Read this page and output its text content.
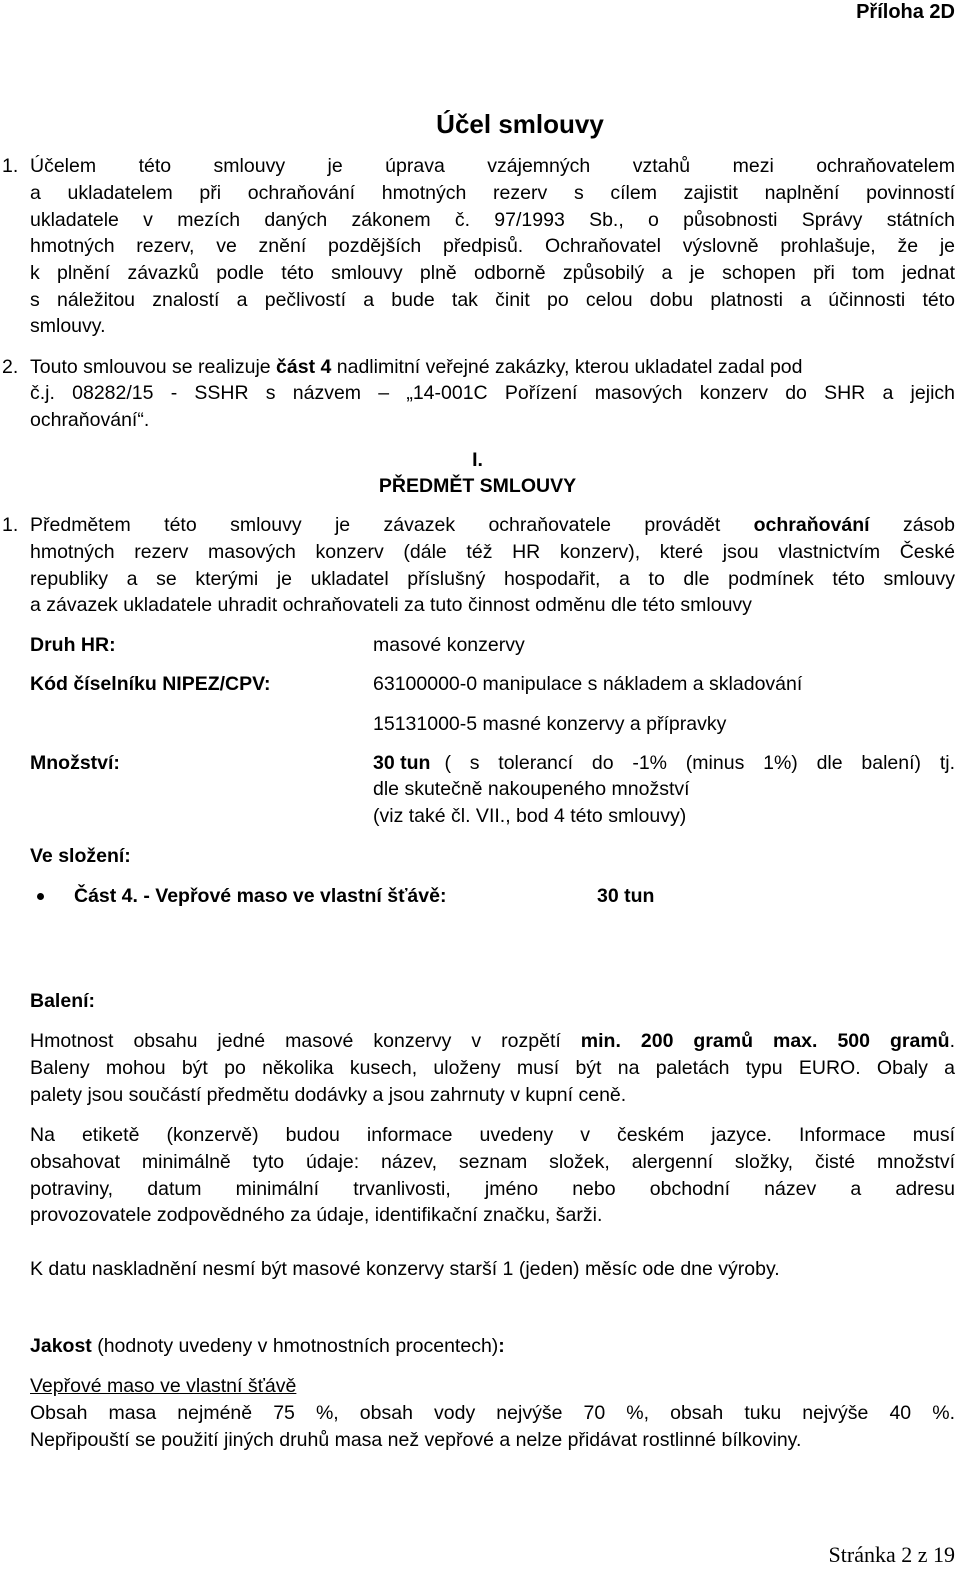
Příloha 2D
Účel smlouvy
1. Účelem této smlouvy je úprava vzájemných vztahů mezi ochraňovatelem
a ukladatelem při ochraňování hmotných rezerv s cílem zajistit naplnění povinností
ukladatele v mezích daných zákonem č. 97/1993 Sb., o působnosti Správy státních
hmotných rezerv, ve znění pozdějších předpisů. Ochraňovatel výslovně prohlašuje, že je
k plnění závazků podle této smlouvy plně odborně způsobilý a je schopen při tom jednat
s náležitou znalostí a pečlivostí a bude tak činit po celou dobu platnosti a účinnosti této
smlouvy.
2. Touto smlouvou se realizuje část 4 nadlimitní veřejné zakázky, kterou ukladatel zadal pod
č.j. 08282/15 - SSHR s názvem – „14-001C Pořízení masových konzerv do SHR a jejich
ochraňování“.
I.
PŘEDMĚT SMLOUVY
1. Předmětem této smlouvy je závazek ochraňovatele provádět ochraňování zásob
hmotných rezerv masových konzerv (dále též HR konzerv), které jsou vlastnictvím České
republiky a se kterými je ukladatel příslušný hospodařit, a to dle podmínek této smlouvy
a závazek ukladatele uhradit ochraňovateli za tuto činnost odměnu dle této smlouvy
Druh HR:	masové konzervy
Kód číselníku NIPEZ/CPV:	63100000-0 manipulace s nákladem a skladování
15131000-5 masné konzervy a přípravky
Množství:	30 tun ( s tolerancí do -1% (minus 1%) dle balení) tj.
dle skutečně nakoupeného množství
(viz také čl. VII., bod 4 této smlouvy)
Ve složení:
Část 4. - Vepřové maso ve vlastní šťávě:	30 tun
Balení:
Hmotnost obsahu jedné masové konzervy v rozpětí min. 200 gramů max. 500 gramů.
Baleny mohou být po několika kusech, uloženy musí být na paletách typu EURO. Obaly a
palety jsou součástí předmětu dodávky a jsou zahrnuty v kupní ceně.
Na etiketě (konzervě) budou informace uvedeny v českém jazyce. Informace musí
obsahovat minimálně tyto údaje: název, seznam složek, alergenní složky, čisté množství
potraviny, datum minimální trvanlivosti, jméno nebo obchodní název a adresu
provozovatele zodpovědného za údaje, identifikační značku, šarži.
K datu naskladnění nesmí být masové konzervy starší 1 (jeden) měsíc ode dne výroby.
Jakost (hodnoty uvedeny v hmotnostních procentech):
Vepřové maso ve vlastní šťávě
Obsah masa nejméně 75 %, obsah vody nejvýše 70 %, obsah tuku nejvýše 40 %.
Nepřipouští se použití jiných druhů masa než vepřové a nelze přidávat rostlinné bílkoviny.
Stránka 2 z 19
